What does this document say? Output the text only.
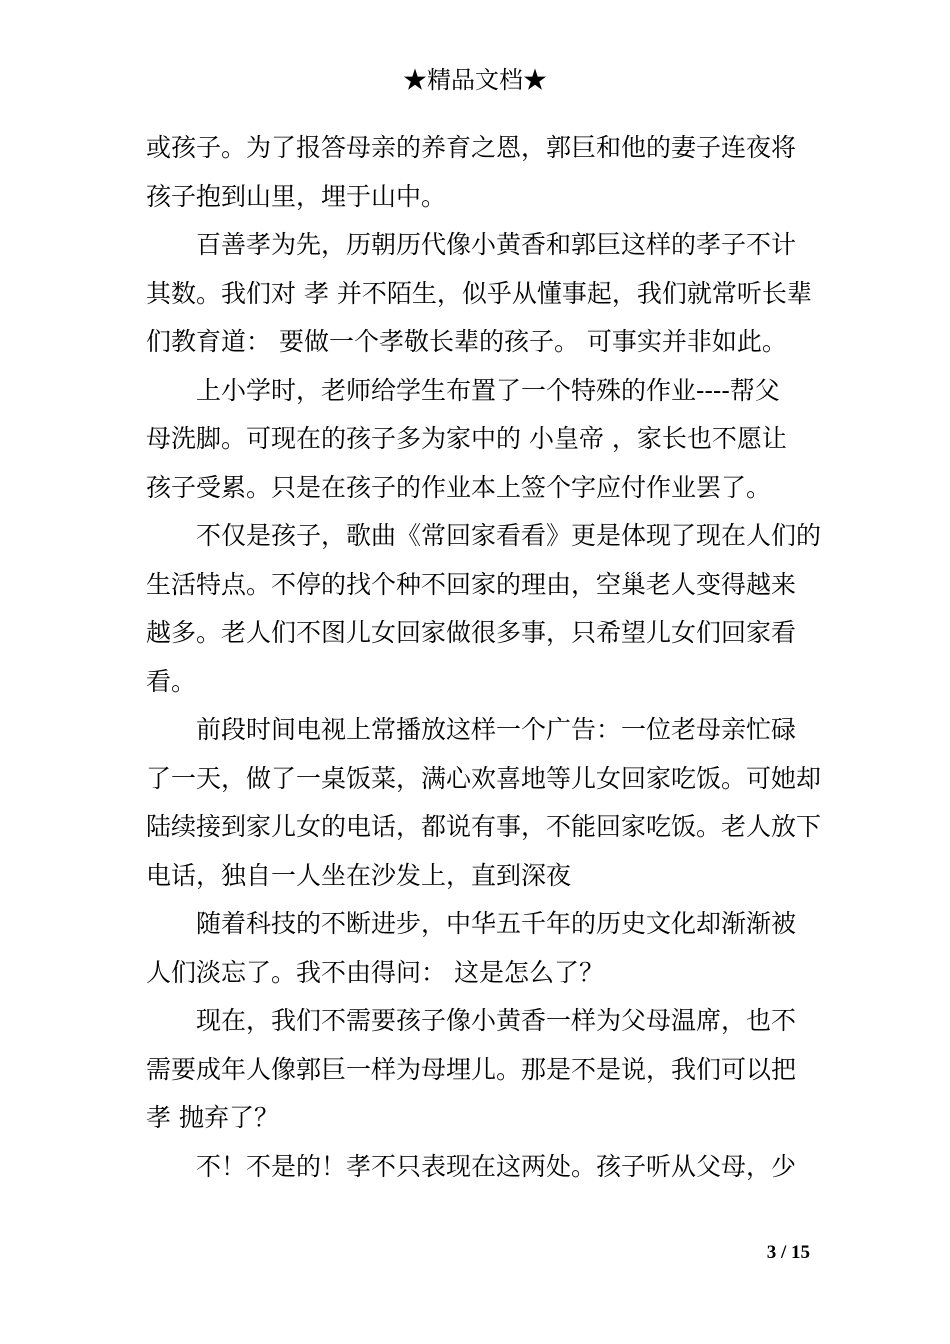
★精品文档★

或孩子。为了报答母亲的养育之恩，郭巨和他的妻子连夜将
孩子抱到山里，埋于山中。

百善孝为先，历朝历代像小黄香和郭巨这样的孝子不计
其数。我们对 孝 并不陌生，似乎从懂事起，我们就常听长辈
们教育道： 要做一个孝敬长辈的孩子。 可事实并非如此。

上小学时，老师给学生布置了一个特殊的作业----帮父
母洗脚。可现在的孩子多为家中的 小皇帝 ，家长也不愿让
孩子受累。只是在孩子的作业本上签个字应付作业罢了。

不仅是孩子，歌曲《常回家看看》更是体现了现在人们的
生活特点。不停的找个种不回家的理由，空巢老人变得越来
越多。老人们不图儿女回家做很多事，只希望儿女们回家看
看。

前段时间电视上常播放这样一个广告：一位老母亲忙碌
了一天，做了一桌饭菜，满心欢喜地等儿女回家吃饭。可她却
陆续接到家儿女的电话，都说有事，不能回家吃饭。老人放下
电话，独自一人坐在沙发上，直到深夜

随着科技的不断进步，中华五千年的历史文化却渐渐被
人们淡忘了。我不由得问： 这是怎么了？

现在，我们不需要孩子像小黄香一样为父母温席，也不
需要成年人像郭巨一样为母埋儿。那是不是说，我们可以把
孝 抛弃了？

不！不是的！孝不只表现在这两处。孩子听从父母，少

3 / 15
